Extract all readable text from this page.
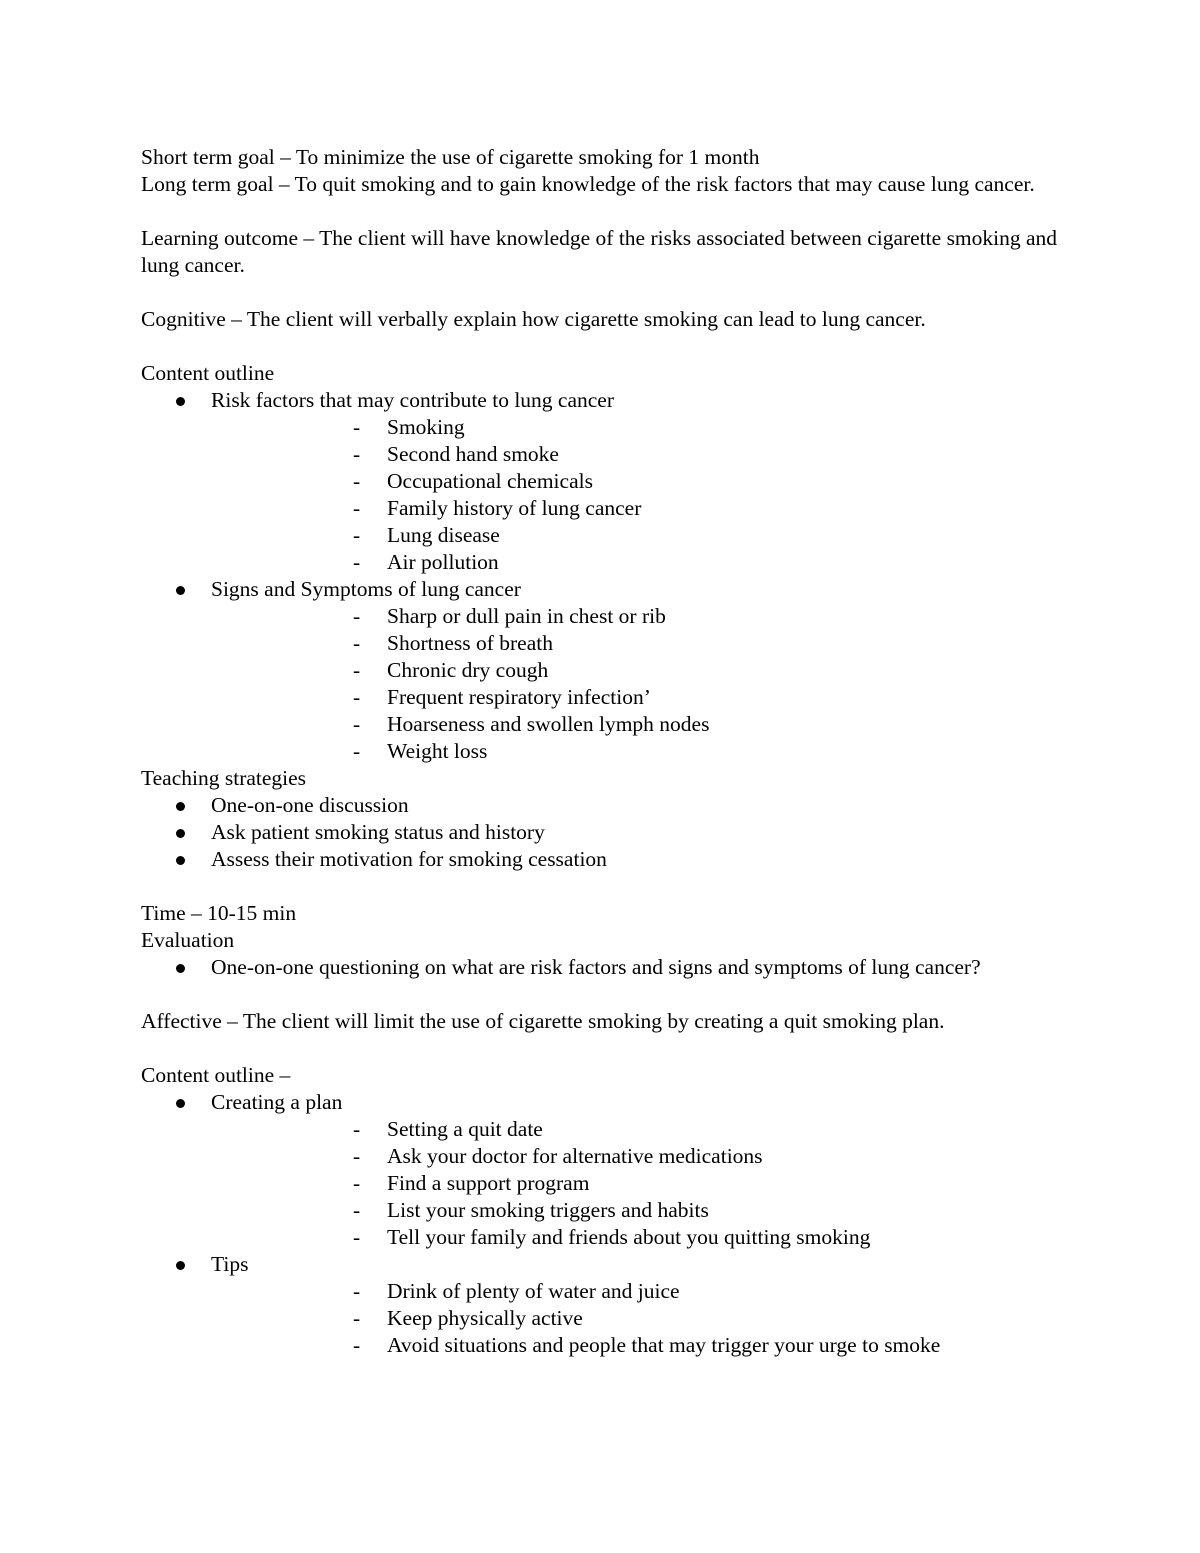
Short term goal – To minimize the use of cigarette smoking for 1 month

Long term goal – To quit smoking and to gain knowledge of the risk factors that may cause lung cancer.

Learning outcome – The client will have knowledge of the risks associated between cigarette smoking and lung cancer.

Cognitive – The client will verbally explain how cigarette smoking can lead to lung cancer.

Content outline

Risk factors that may contribute to lung cancer
- Smoking
- Second hand smoke
- Occupational chemicals
- Family history of lung cancer
- Lung disease
- Air pollution
Signs and Symptoms of lung cancer
- Sharp or dull pain in chest or rib
- Shortness of breath
- Chronic dry cough
- Frequent respiratory infection’
- Hoarseness and swollen lymph nodes
- Weight loss

Teaching strategies

One-on-one discussion
Ask patient smoking status and history
Assess their motivation for smoking cessation

Time – 10-15 min

Evaluation

One-on-one questioning on what are risk factors and signs and symptoms of lung cancer?

Affective – The client will limit the use of cigarette smoking by creating a quit smoking plan.

Content outline –

Creating a plan
- Setting a quit date
- Ask your doctor for alternative medications
- Find a support program
- List your smoking triggers and habits
- Tell your family and friends about you quitting smoking
Tips
- Drink of plenty of water and juice
- Keep physically active
- Avoid situations and people that may trigger your urge to smoke
